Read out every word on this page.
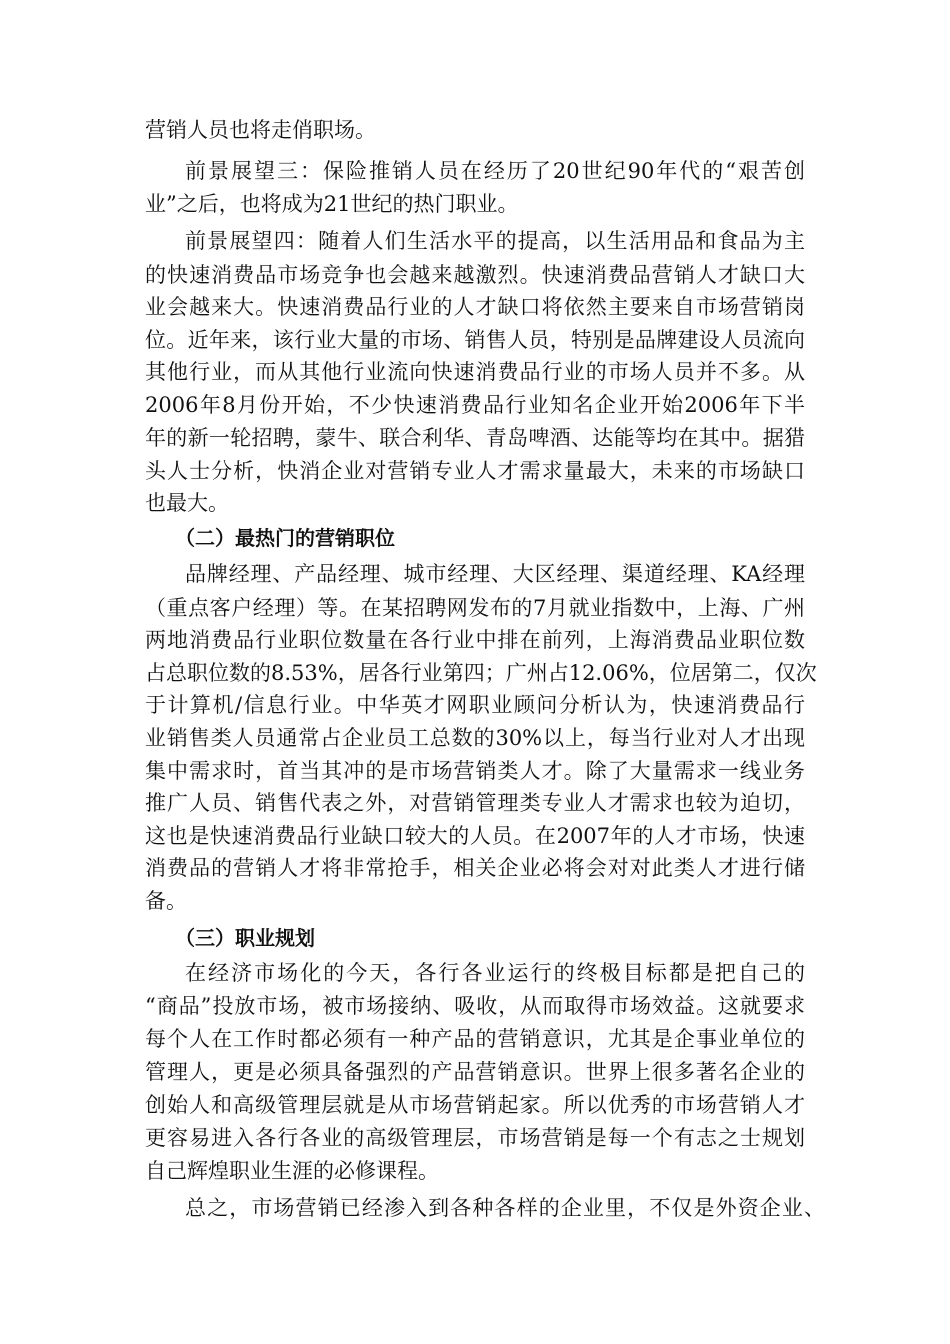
营销人员也将走俏职场。
前景展望三：保险推销人员在经历了20世纪90年代的“艰苦创
业”之后，也将成为21世纪的热门职业。
前景展望四：随着人们生活水平的提高，以生活用品和食品为主
的快速消费品市场竞争也会越来越激烈。快速消费品营销人才缺口大
业会越来大。快速消费品行业的人才缺口将依然主要来自市场营销岗
位。近年来，该行业大量的市场、销售人员，特别是品牌建设人员流向
其他行业，而从其他行业流向快速消费品行业的市场人员并不多。从
2006年8月份开始，不少快速消费品行业知名企业开始2006年下半
年的新一轮招聘，蒙牛、联合利华、青岛啤酒、达能等均在其中。据猎
头人士分析，快消企业对营销专业人才需求量最大，未来的市场缺口
也最大。
（二）最热门的营销职位
品牌经理、产品经理、城市经理、大区经理、渠道经理、KA经理
（重点客户经理）等。在某招聘网发布的7月就业指数中，上海、广州
两地消费品行业职位数量在各行业中排在前列，上海消费品业职位数
占总职位数的8.53%，居各行业第四；广州占12.06%，位居第二，仅次
于计算机/信息行业。中华英才网职业顾问分析认为，快速消费品行
业销售类人员通常占企业员工总数的30%以上，每当行业对人才出现
集中需求时，首当其冲的是市场营销类人才。除了大量需求一线业务
推广人员、销售代表之外，对营销管理类专业人才需求也较为迫切，
这也是快速消费品行业缺口较大的人员。在2007年的人才市场，快速
消费品的营销人才将非常抢手，相关企业必将会对对此类人才进行储
备。
（三）职业规划
在经济市场化的今天，各行各业运行的终极目标都是把自己的
“商品”投放市场，被市场接纳、吸收，从而取得市场效益。这就要求
每个人在工作时都必须有一种产品的营销意识，尤其是企事业单位的
管理人，更是必须具备强烈的产品营销意识。世界上很多著名企业的
创始人和高级管理层就是从市场营销起家。所以优秀的市场营销人才
更容易进入各行各业的高级管理层，市场营销是每一个有志之士规划
自己辉煌职业生涯的必修课程。
总之，市场营销已经渗入到各种各样的企业里，不仅是外资企业、
